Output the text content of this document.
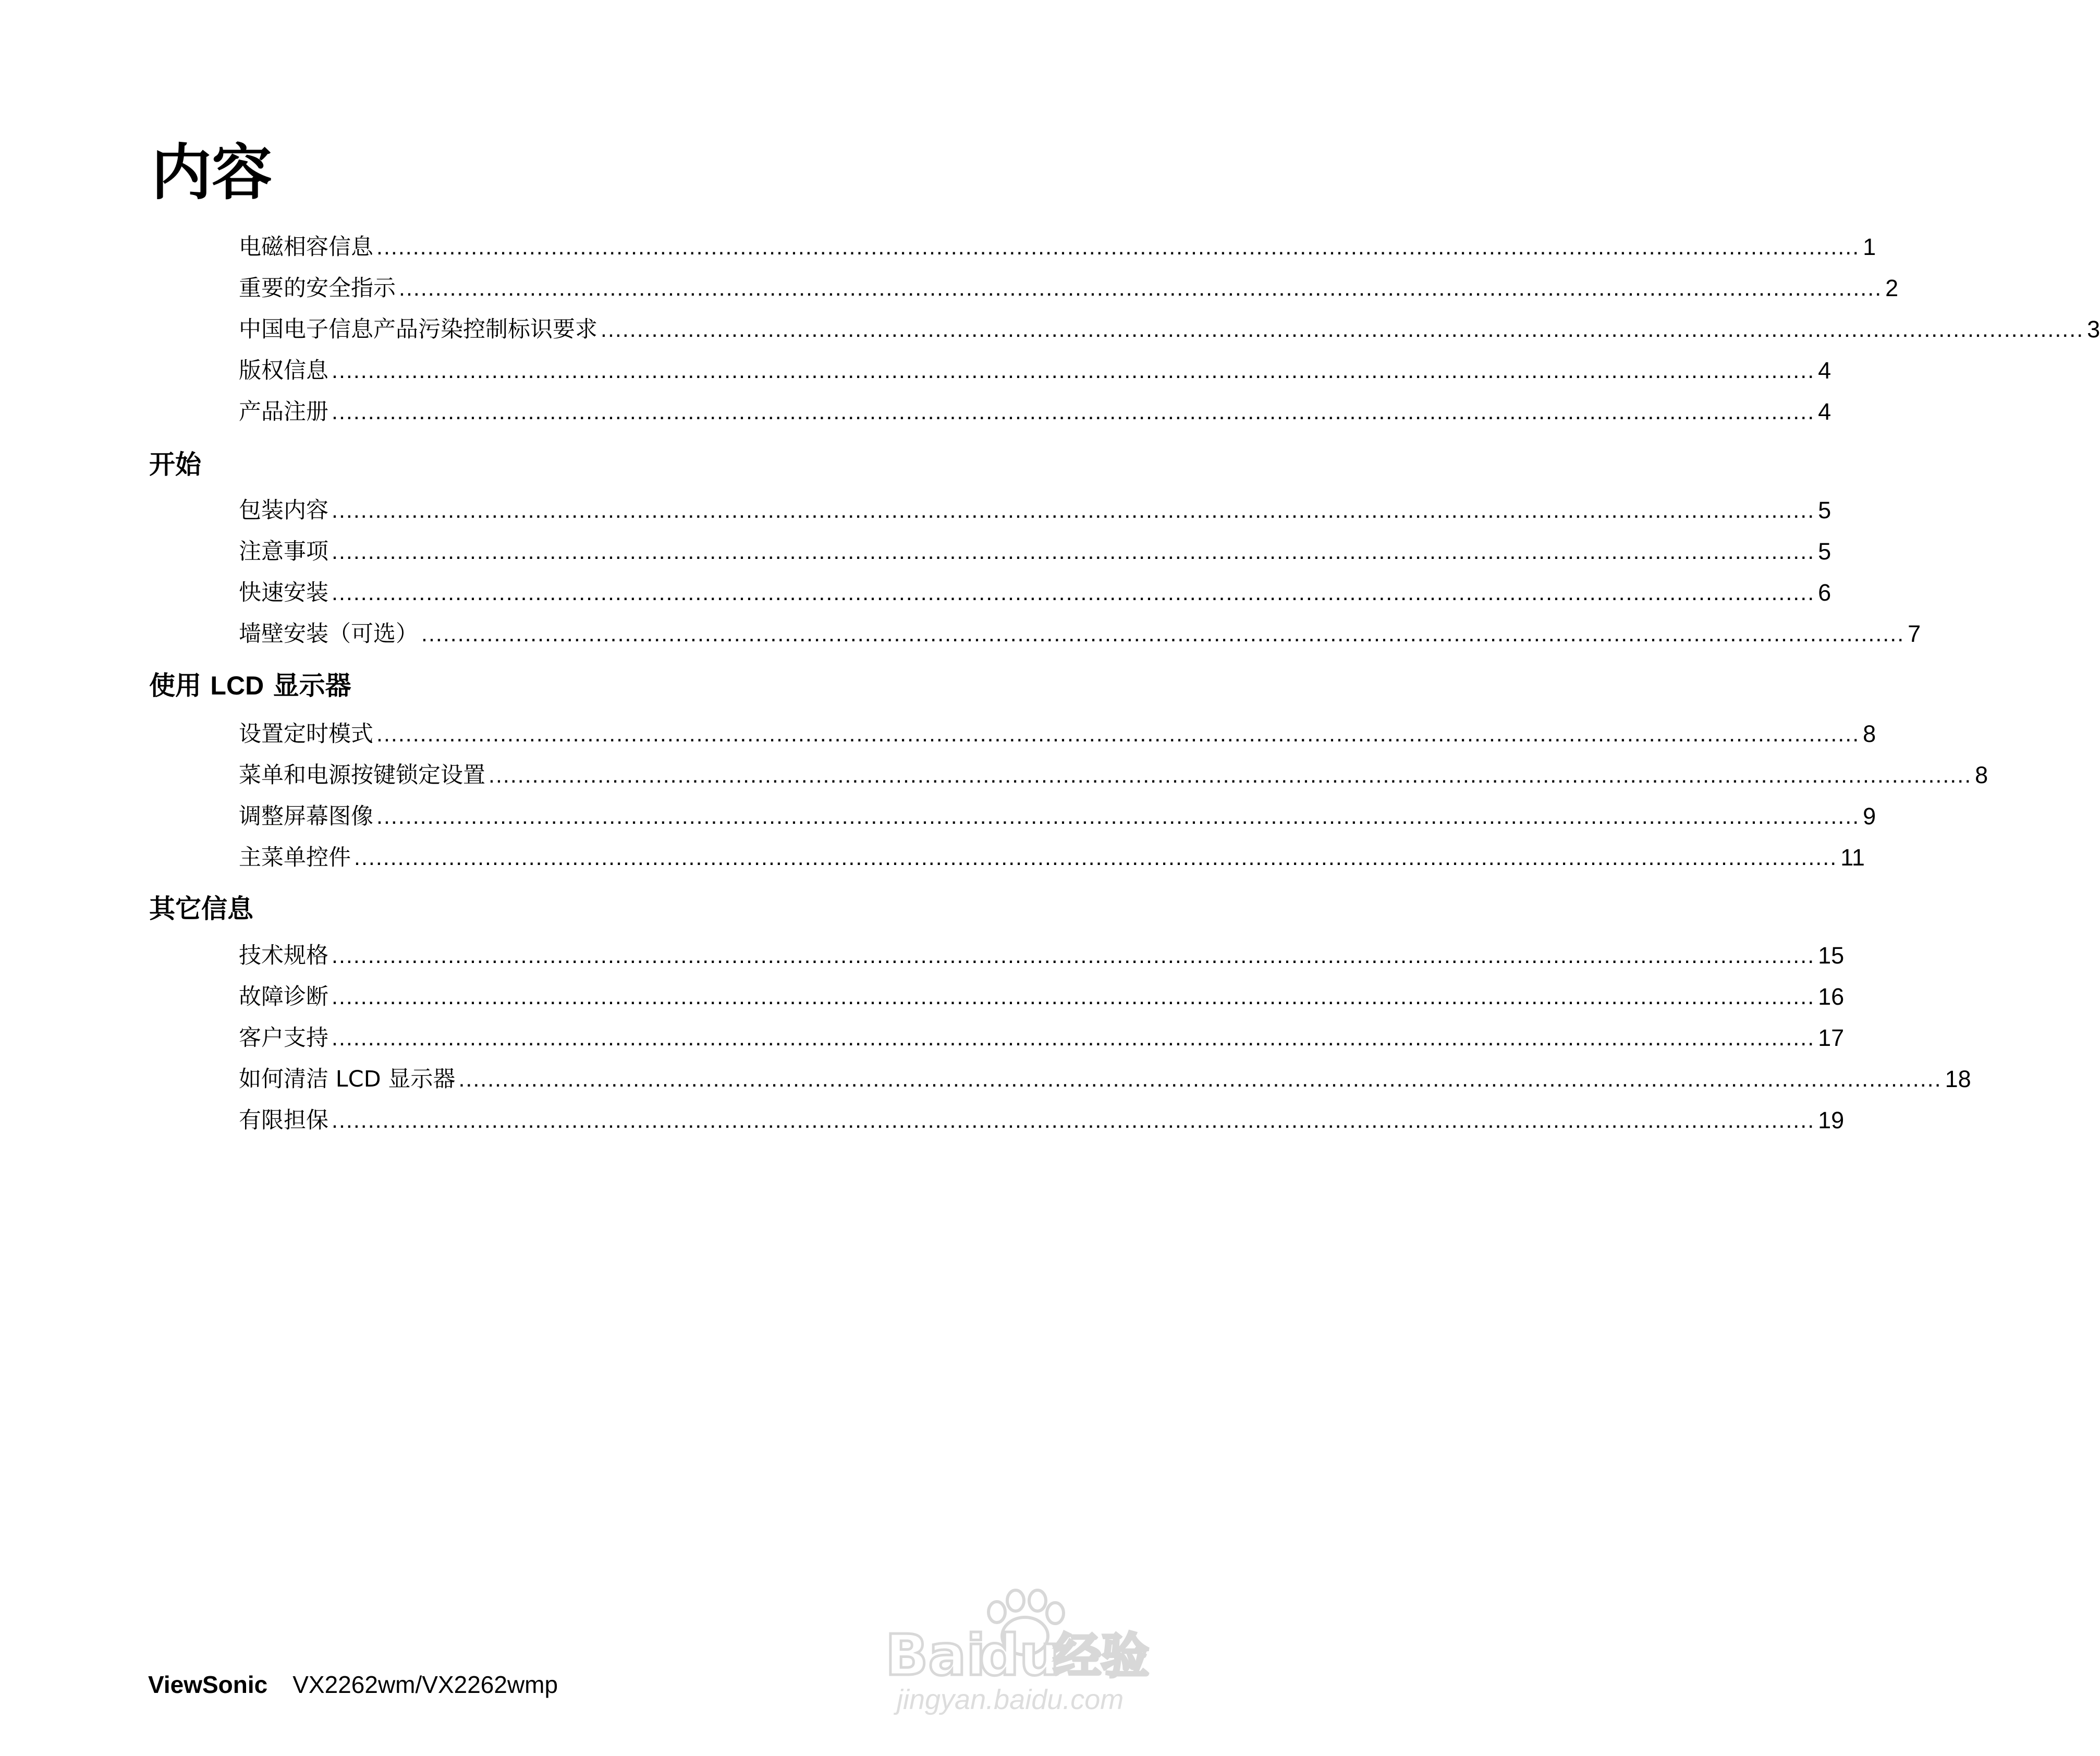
内容
电磁相容信息 ............................................................................................................................................................................................................ 1
重要的安全指示 ............................................................................................................................................................................................................ 2
中国电子信息产品污染控制标识要求 ............................................................................................................................................................................................................ 3
版权信息 ............................................................................................................................................................................................................ 4
产品注册 ............................................................................................................................................................................................................ 4
开始
包装内容 ............................................................................................................................................................................................................ 5
注意事项 ............................................................................................................................................................................................................ 5
快速安装 ............................................................................................................................................................................................................ 6
墙壁安装（可选） ............................................................................................................................................................................................................ 7
使用 LCD 显示器
设置定时模式 ............................................................................................................................................................................................................ 8
菜单和电源按键锁定设置 ............................................................................................................................................................................................................ 8
调整屏幕图像 ............................................................................................................................................................................................................ 9
主菜单控件 ............................................................................................................................................................................................................ 11
其它信息
技术规格 ............................................................................................................................................................................................................ 15
故障诊断 ............................................................................................................................................................................................................ 16
客户支持 ............................................................................................................................................................................................................ 17
如何清洁 LCD 显示器 ............................................................................................................................................................................................................ 18
有限担保 ............................................................................................................................................................................................................ 19
ViewSonic VX2262wm/VX2262wmp	Bai
du
经验
jingyan.baidu.com
